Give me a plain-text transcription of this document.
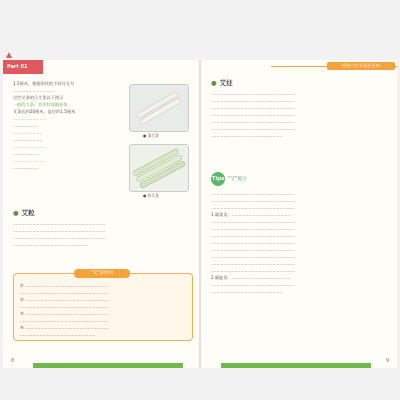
Part 01

1.5厘米，根据形状的不同可分为

…………………………

这些艾条的尺寸见以下图示

一般的艾条，其形状如圆柱体

艾条长约20厘米，直径约1.5厘米

……………………

………………

…………………

…………………

……………………

………………

……………………

………………

● 清艾条
● 药艾条
● 艾粒

…………………………………………………………

…………………………………………………………

…………………………………………………………

………………………………………………

"艾"的妙用

① ……………………………………………………

………………………………………………………

② ……………………………………………………

………………………………………………………

③ ……………………………………………………

………………………………………………………

④ ……………………………………………………

………………………………………………

8
经络穴位艾灸治百病
● 艾炷

……………………………………………………

……………………………………………………

……………………………………………………

……………………………………………………

……………………………………………………

……………………………………………………

……………………………………………

Tips "艾"提示

……………………………………………………

……………………………………………………

……………………………………………………

1.隔姜灸：……………………………………

……………………………………………………

……………………………………………………

……………………………………………………

……………………………………………………

……………………………………………………

……………………………………………………

……………………………………………………

……………………………………………………

2.隔盐灸：……………………………………

……………………………………………………

……………………………………………

9
